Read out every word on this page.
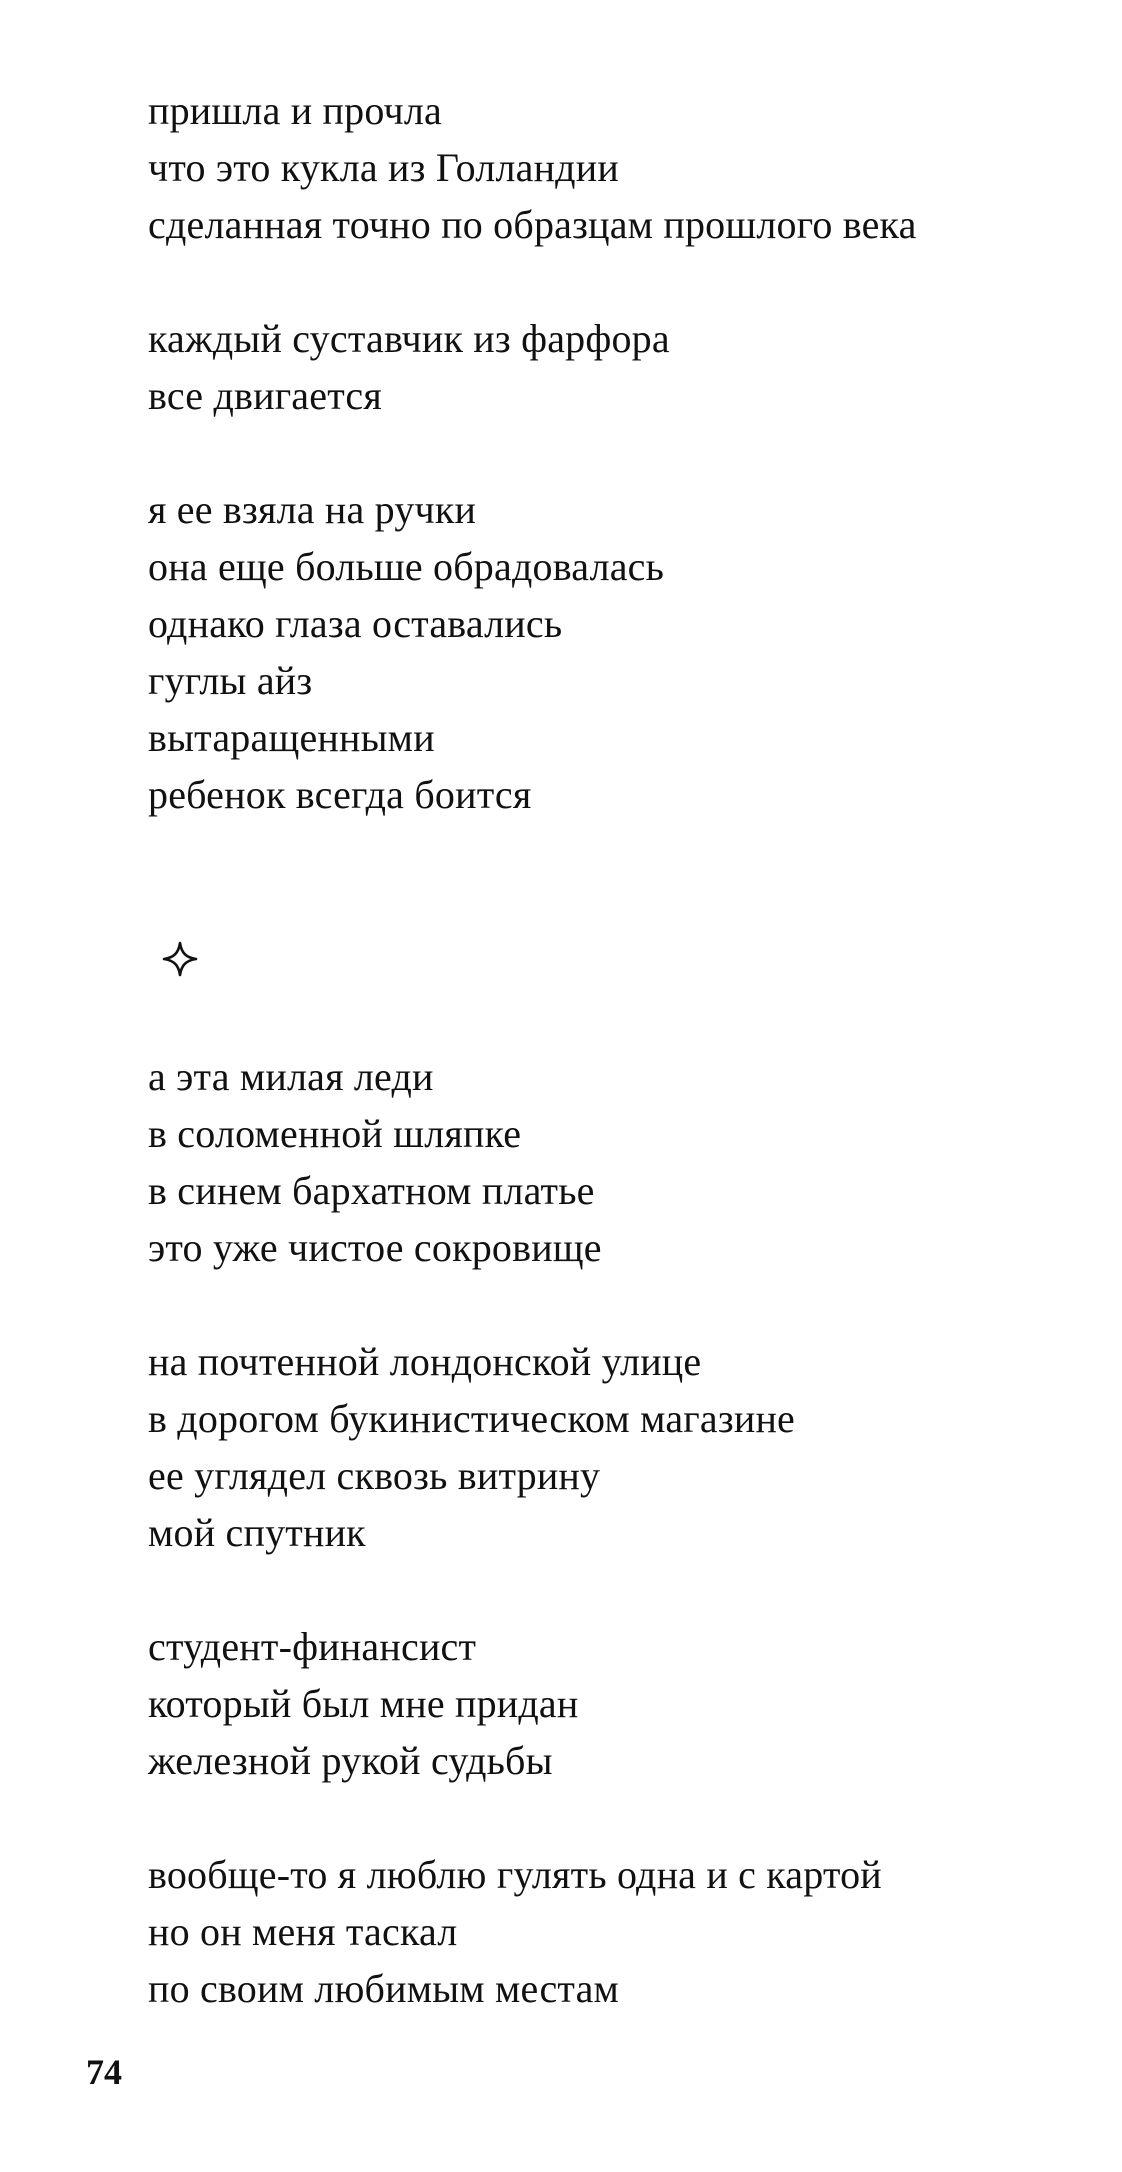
пришла и прочла
что это кукла из Голландии
сделанная точно по образцам прошлого века

каждый суставчик из фарфора
все двигается

я ее взяла на ручки
она еще больше обрадовалась
однако глаза оставались
гуглы айз
вытаращенными
ребенок всегда боится

а эта милая леди
в соломенной шляпке
в синем бархатном платье
это уже чистое сокровище

на почтенной лондонской улице
в дорогом букинистическом магазине
ее углядел сквозь витрину
мой спутник

студент-финансист
который был мне придан
железной рукой судьбы

вообще-то я люблю гулять одна и с картой
но он меня таскал
по своим любимым местам

74
